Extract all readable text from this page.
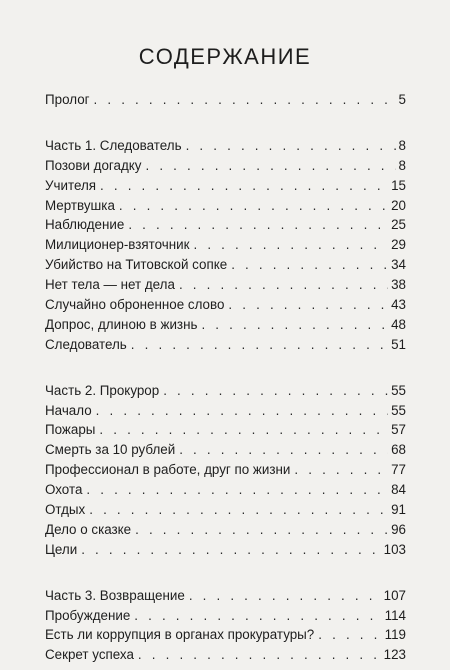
СОДЕРЖАНИЕ
Пролог . . .	5
Часть 1. Следователь . . .	8
Позови догадку . . .	8
Учителя . . .	15
Мертвушка . . .	20
Наблюдение . . .	25
Милиционер-взяточник . . .	29
Убийство на Титовской сопке . . .	34
Нет тела — нет дела . . .	38
Случайно оброненное слово . . .	43
Допрос, длиною в жизнь . . .	48
Следователь . . .	51
Часть 2. Прокурор . . .	55
Начало . . .	55
Пожары . . .	57
Смерть за 10 рублей . . .	68
Профессионал в работе, друг по жизни . . .	77
Охота . . .	84
Отдых . . .	91
Дело о сказке . . .	96
Цели . . .	103
Часть 3. Возвращение . . .	107
Пробуждение . . .	114
Есть ли коррупция в органах прокуратуры? . . .	119
Секрет успеха . . .	123
